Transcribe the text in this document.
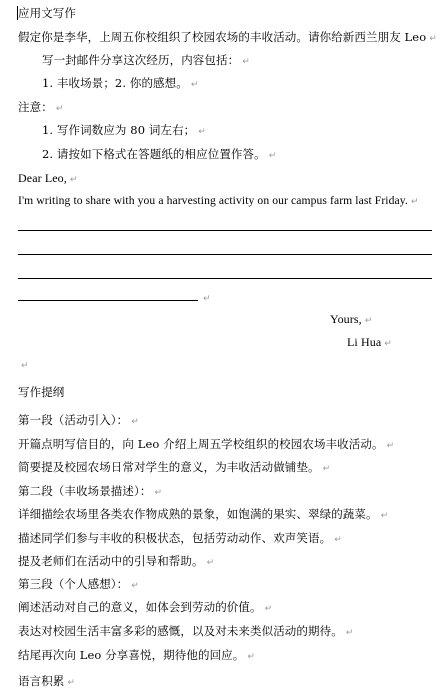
应用文写作
假定你是李华，上周五你校组织了校园农场的丰收活动。请你给新西兰朋友 Leo ↵
写一封邮件分享这次经历，内容包括： ↵
1. 丰收场景；2. 你的感想。 ↵
注意： ↵
1. 写作词数应为 80 词左右； ↵
2. 请按如下格式在答题纸的相应位置作答。 ↵
Dear Leo, ↵
I'm writing to share with you a harvesting activity on our campus farm last Friday. ↵
↵
Yours, ↵
Li Hua ↵
↵
写作提纲
第一段（活动引入）： ↵
开篇点明写信目的，向 Leo 介绍上周五学校组织的校园农场丰收活动。 ↵
简要提及校园农场日常对学生的意义，为丰收活动做铺垫。 ↵
第二段（丰收场景描述）： ↵
详细描绘农场里各类农作物成熟的景象，如饱满的果实、翠绿的蔬菜。 ↵
描述同学们参与丰收的积极状态，包括劳动动作、欢声笑语。 ↵
提及老师们在活动中的引导和帮助。 ↵
第三段（个人感想）： ↵
阐述活动对自己的意义，如体会到劳动的价值。 ↵
表达对校园生活丰富多彩的感慨，以及对未来类似活动的期待。 ↵
结尾再次向 Leo 分享喜悦，期待他的回应。 ↵
语言积累 ↵
